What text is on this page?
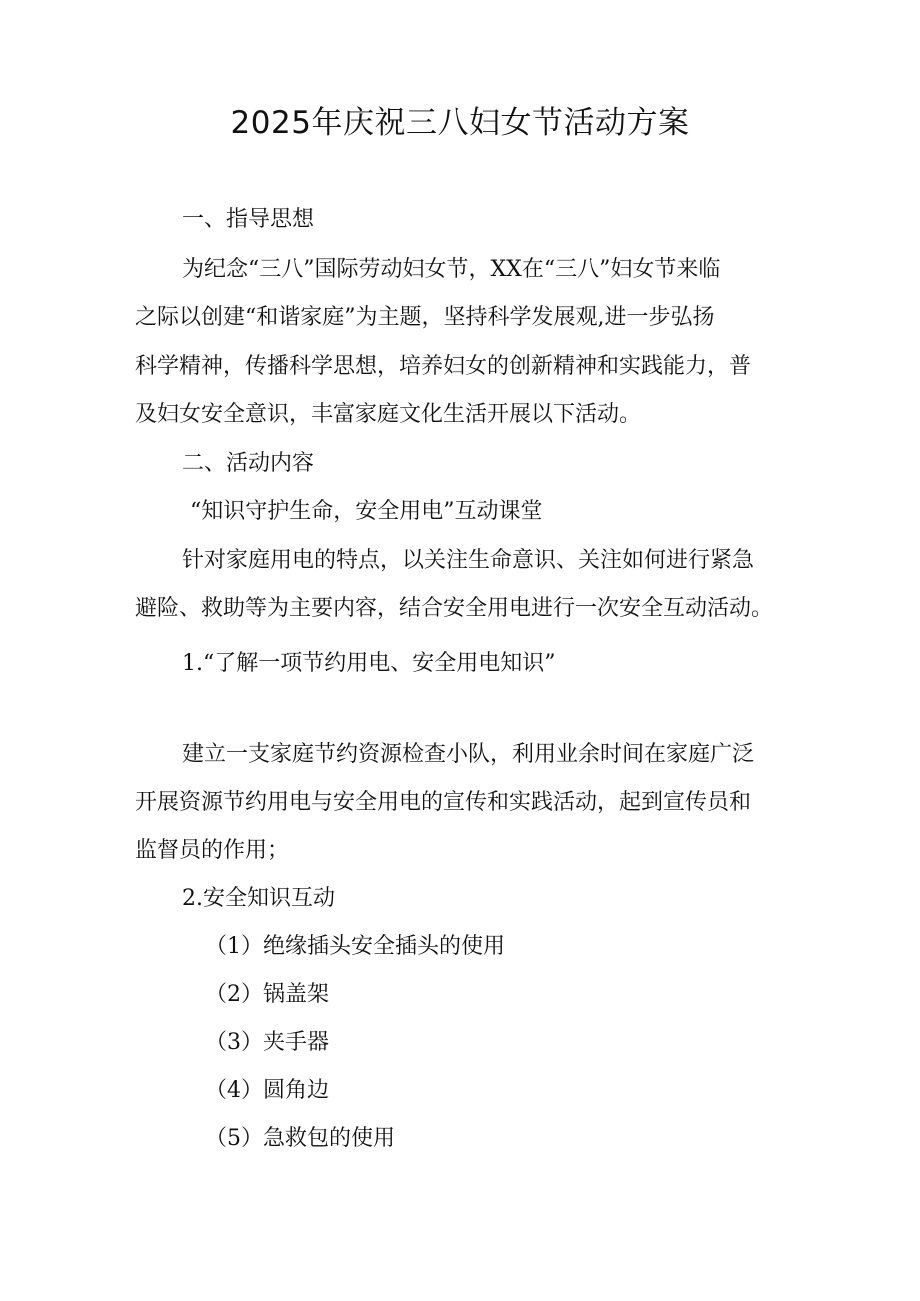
2025年庆祝三八妇女节活动方案
一、指导思想
为纪念“三八”国际劳动妇女节，XX在“三八”妇女节来临
之际以创建“和谐家庭”为主题，坚持科学发展观,进一步弘扬
科学精神，传播科学思想，培养妇女的创新精神和实践能力，普
及妇女安全意识，丰富家庭文化生活开展以下活动。
二、活动内容
“知识守护生命，安全用电”互动课堂
针对家庭用电的特点，以关注生命意识、关注如何进行紧急
避险、救助等为主要内容，结合安全用电进行一次安全互动活动。
1.“了解一项节约用电、安全用电知识”
建立一支家庭节约资源检查小队，利用业余时间在家庭广泛
开展资源节约用电与安全用电的宣传和实践活动，起到宣传员和
监督员的作用；
2.安全知识互动
（1）绝缘插头安全插头的使用
（2）锅盖架
（3）夹手器
（4）圆角边
（5）急救包的使用
